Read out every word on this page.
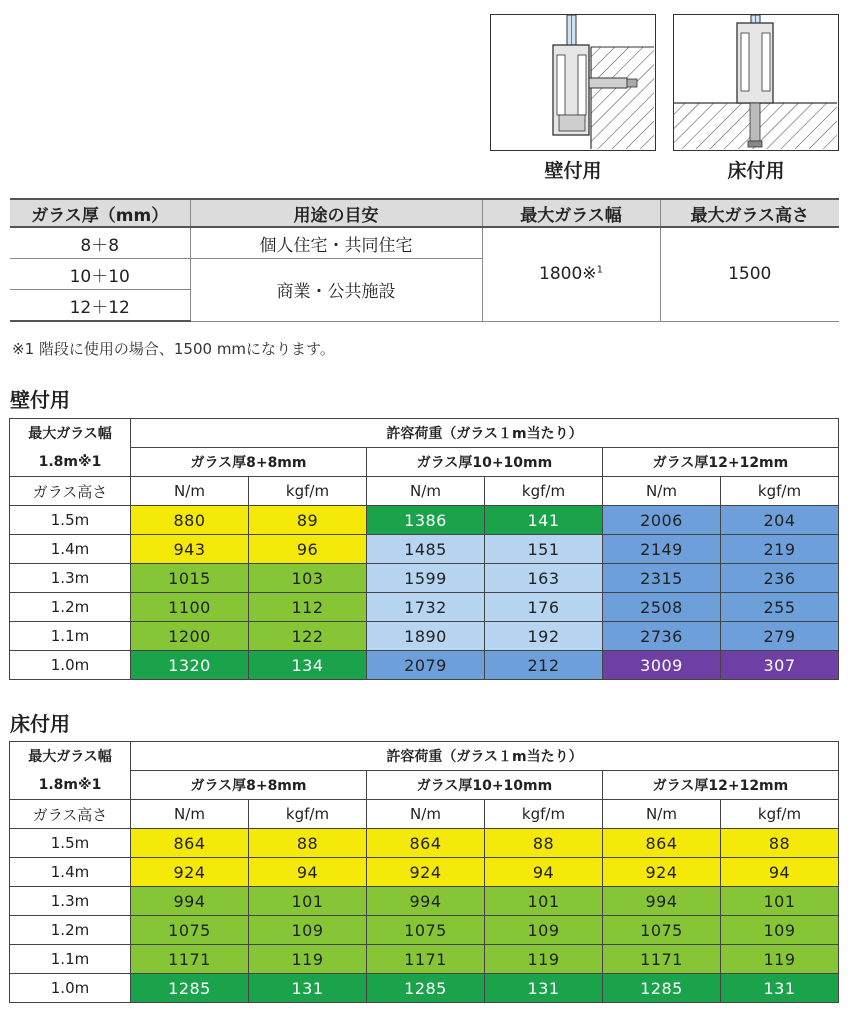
壁付用	床付用
ガラス厚（mm）	用途の目安	最大ガラス幅	最大ガラス高さ
8＋8	個人住宅・共同住宅	1800※$^1$	1500
10＋10	商業・公共施設		
12＋12			
※1 階段に使用の場合、1500 mmになります。
壁付用
最大ガラス幅	許容荷重（ガラス１m当たり）					
1.8m※1	ガラス厚8+8mm		ガラス厚10+10mm		ガラス厚12+12mm	
ガラス高さ	N/m	kgf/m	N/m	kgf/m	N/m	kgf/m
1.5m	880	89	1386	141	2006	204
1.4m	943	96	1485	151	2149	219
1.3m	1015	103	1599	163	2315	236
1.2m	1100	112	1732	176	2508	255
1.1m	1200	122	1890	192	2736	279
1.0m	1320	134	2079	212	3009	307
床付用
最大ガラス幅	許容荷重（ガラス１m当たり）					
1.8m※1	ガラス厚8+8mm		ガラス厚10+10mm		ガラス厚12+12mm	
ガラス高さ	N/m	kgf/m	N/m	kgf/m	N/m	kgf/m
1.5m	864	88	864	88	864	88
1.4m	924	94	924	94	924	94
1.3m	994	101	994	101	994	101
1.2m	1075	109	1075	109	1075	109
1.1m	1171	119	1171	119	1171	119
1.0m	1285	131	1285	131	1285	131
